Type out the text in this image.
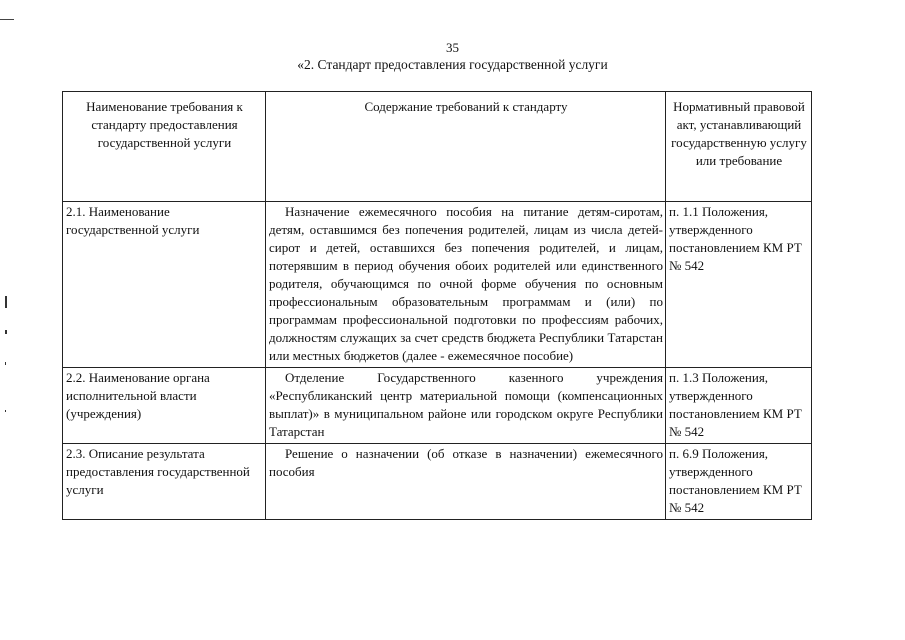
35
«2. Стандарт предоставления государственной услуги
Наименование требования к стандарту предоставления государственной услуги	Содержание требований к стандарту	Нормативный правовой акт, устанавливающий государственную услугу или требование
2.1. Наименование государственной услуги	Назначение ежемесячного пособия на питание детям-сиротам, детям, оставшимся без попечения родителей, лицам из числа детей-сирот и детей, оставшихся без попечения родителей, и лицам, потерявшим в период обучения обоих родителей или единственного родителя, обучающимся по очной форме обучения по основным профессиональным образовательным программам и (или) по программам профессиональной подготовки по профессиям рабочих, должностям служащих за счет средств бюджета Республики Татарстан или местных бюджетов (далее - ежемесячное пособие)	п. 1.1 Положения, утвержденного постановлением КМ РТ № 542
2.2. Наименование органа исполнительной власти (учреждения)	Отделение Государственного казенного учреждения «Республиканский центр материальной помощи (компенсационных выплат)» в муниципальном районе или городском округе Республики Татарстан	п. 1.3 Положения, утвержденного постановлением КМ РТ № 542
2.3. Описание результата предоставления государственной услуги	Решение о назначении (об отказе в назначении) ежемесячного пособия	п. 6.9 Положения, утвержденного постановлением КМ РТ № 542
